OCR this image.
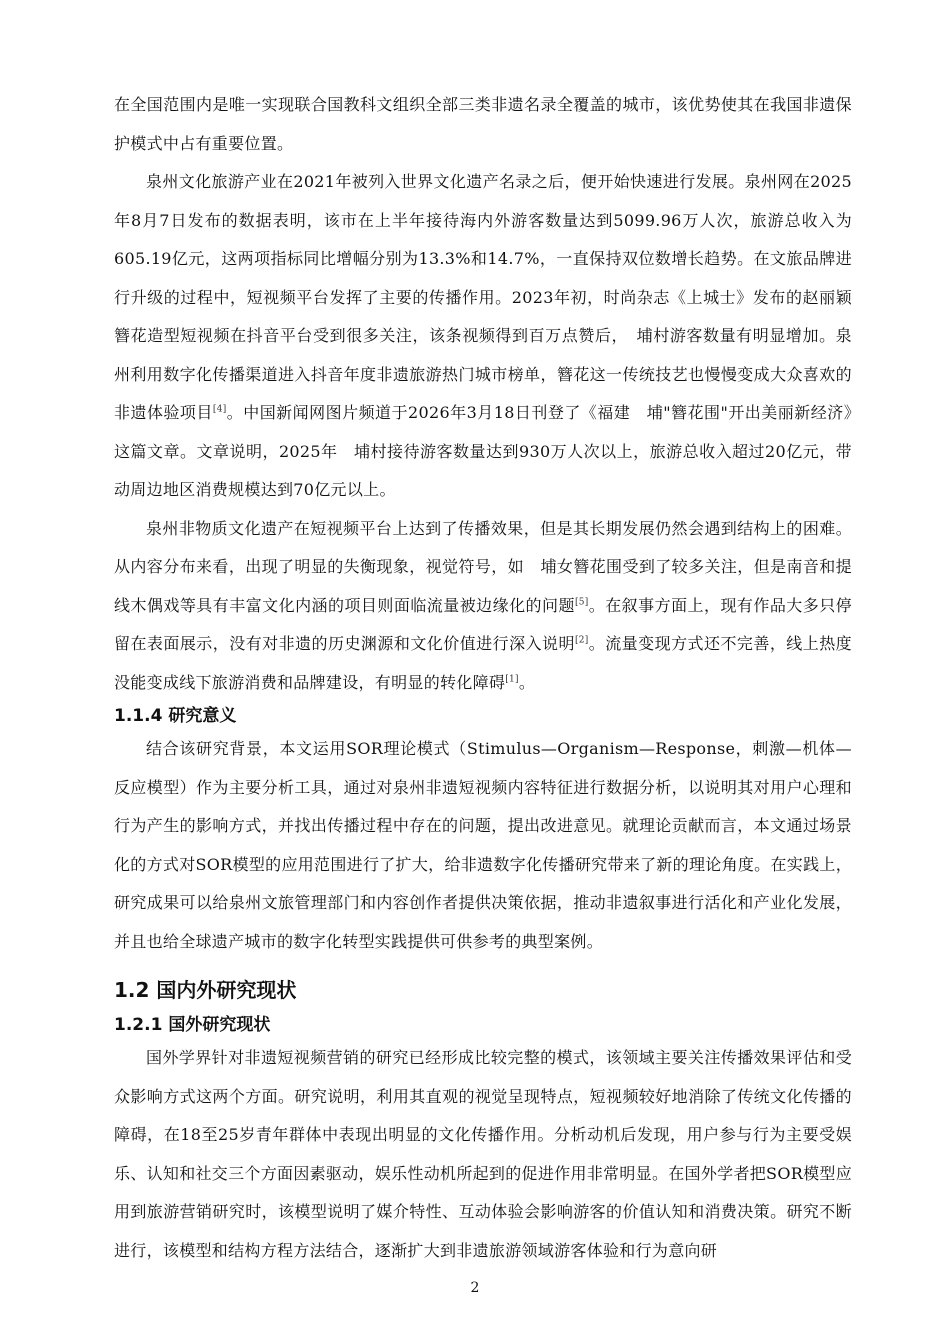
在全国范围内是唯一实现联合国教科文组织全部三类非遗名录全覆盖的城市，该优势使其在我国非遗保护模式中占有重要位置。

泉州文化旅游产业在2021年被列入世界文化遗产名录之后，便开始快速进行发展。泉州网在2025年8月7日发布的数据表明，该市在上半年接待海内外游客数量达到5099.96万人次，旅游总收入为605.19亿元，这两项指标同比增幅分别为13.3%和14.7%，一直保持双位数增长趋势。在文旅品牌进行升级的过程中，短视频平台发挥了主要的传播作用。2023年初，时尚杂志《上城士》发布的赵丽颖簪花造型短视频在抖音平台受到很多关注，该条视频得到百万点赞后，　埔村游客数量有明显增加。泉州利用数字化传播渠道进入抖音年度非遗旅游热门城市榜单，簪花这一传统技艺也慢慢变成大众喜欢的非遗体验项目[4]。中国新闻网图片频道于2026年3月18日刊登了《福建　埔"簪花围"开出美丽新经济》这篇文章。文章说明，2025年　埔村接待游客数量达到930万人次以上，旅游总收入超过20亿元，带动周边地区消费规模达到70亿元以上。

泉州非物质文化遗产在短视频平台上达到了传播效果，但是其长期发展仍然会遇到结构上的困难。从内容分布来看，出现了明显的失衡现象，视觉符号，如　埔女簪花围受到了较多关注，但是南音和提线木偶戏等具有丰富文化内涵的项目则面临流量被边缘化的问题[5]。在叙事方面上，现有作品大多只停留在表面展示，没有对非遗的历史渊源和文化价值进行深入说明[2]。流量变现方式还不完善，线上热度没能变成线下旅游消费和品牌建设，有明显的转化障碍[1]。

1.1.4 研究意义

结合该研究背景，本文运用SOR理论模式（Stimulus—Organism—Response，刺激—机体—反应模型）作为主要分析工具，通过对泉州非遗短视频内容特征进行数据分析，以说明其对用户心理和行为产生的影响方式，并找出传播过程中存在的问题，提出改进意见。就理论贡献而言，本文通过场景化的方式对SOR模型的应用范围进行了扩大，给非遗数字化传播研究带来了新的理论角度。在实践上，研究成果可以给泉州文旅管理部门和内容创作者提供决策依据，推动非遗叙事进行活化和产业化发展，并且也给全球遗产城市的数字化转型实践提供可供参考的典型案例。

1.2 国内外研究现状
1.2.1 国外研究现状

国外学界针对非遗短视频营销的研究已经形成比较完整的模式，该领域主要关注传播效果评估和受众影响方式这两个方面。研究说明，利用其直观的视觉呈现特点，短视频较好地消除了传统文化传播的障碍，在18至25岁青年群体中表现出明显的文化传播作用。分析动机后发现，用户参与行为主要受娱乐、认知和社交三个方面因素驱动，娱乐性动机所起到的促进作用非常明显。在国外学者把SOR模型应用到旅游营销研究时，该模型说明了媒介特性、互动体验会影响游客的价值认知和消费决策。研究不断进行，该模型和结构方程方法结合，逐渐扩大到非遗旅游领域游客体验和行为意向研

2
